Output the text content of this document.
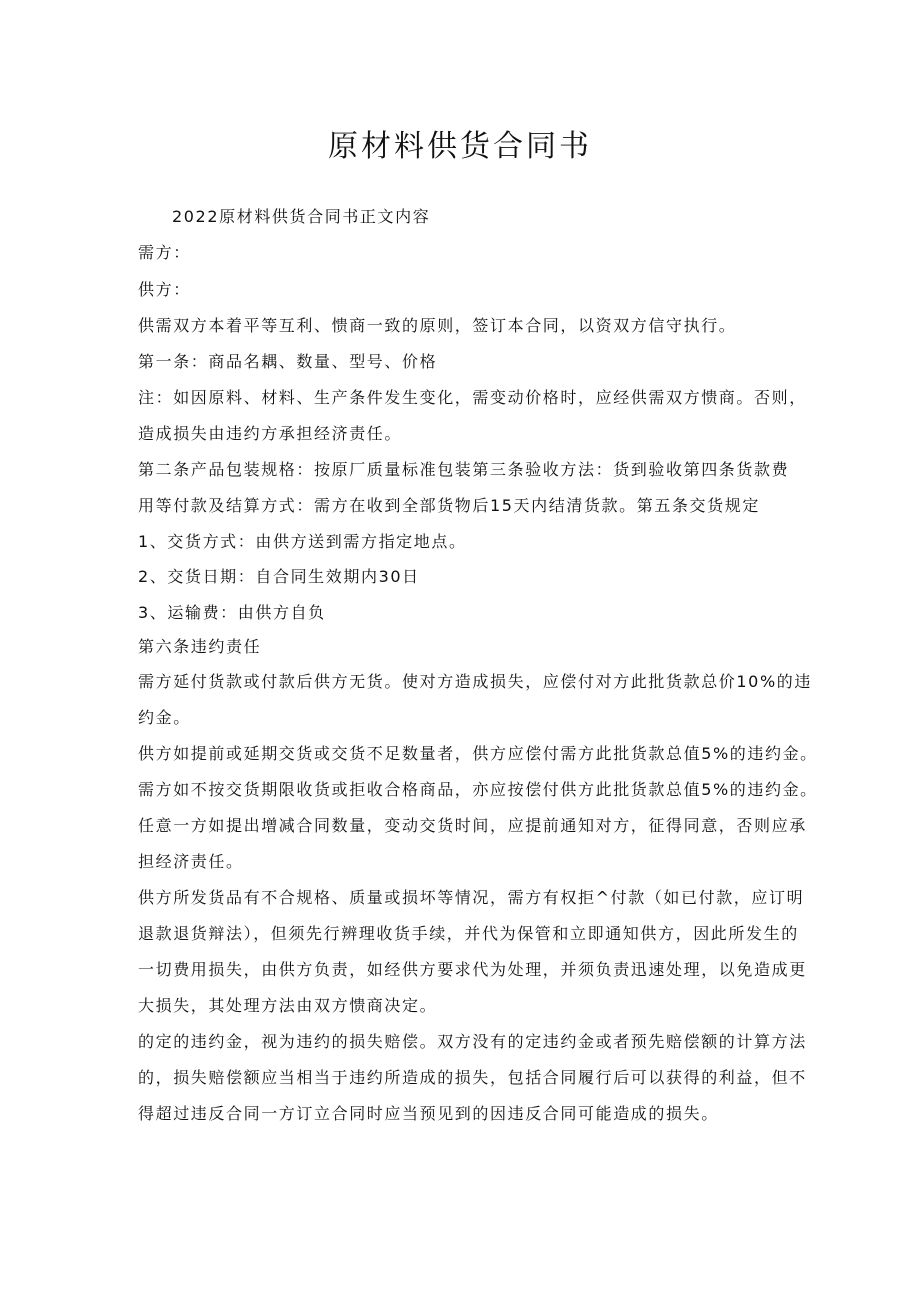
原材料供货合同书
2022原材料供货合同书正文内容
需方：
供方：
供需双方本着平等互利、愦商一致的原则，签订本合同，以资双方信守执行。
第一条：商品名耦、数量、型号、价格
注：如因原料、材料、生产条件发生变化，需变动价格时，应经供需双方愦商。否则，
造成损失由违约方承担经济责任。
第二条产品包装规格：按原厂质量标准包装第三条验收方法：货到验收第四条货款费
用等付款及结算方式：需方在收到全部货物后15天内结清货款。第五条交货规定
1、交货方式：由供方送到需方指定地点。
2、交货日期：自合同生效期内30日
3、运输费：由供方自负
第六条违约责任
需方延付货款或付款后供方无货。使对方造成损失，应偿付对方此批货款总价10%的违
约金。
供方如提前或延期交货或交货不足数量者，供方应偿付需方此批货款总值5%的违约金。
需方如不按交货期限收货或拒收合格商品，亦应按偿付供方此批货款总值5%的违约金。
任意一方如提出增减合同数量，变动交货时间，应提前通知对方，征得同意，否则应承
担经济责任。
供方所发货品有不合规格、质量或损坏等情况，需方有权拒^付款（如已付款，应订明
退款退货辩法），但须先行辨理收货手续，并代为保管和立即通知供方，因此所发生的
一切费用损失，由供方负责，如经供方要求代为处理，并须负责迅速处理，以免造成更
大损失，其处理方法由双方愦商决定。
的定的违约金，视为违约的损失赔偿。双方没有的定违约金或者预先赔偿额的计算方法
的，损失赔偿额应当相当于违约所造成的损失，包括合同履行后可以获得的利益，但不
得超过违反合同一方订立合同时应当预见到的因违反合同可能造成的损失。
